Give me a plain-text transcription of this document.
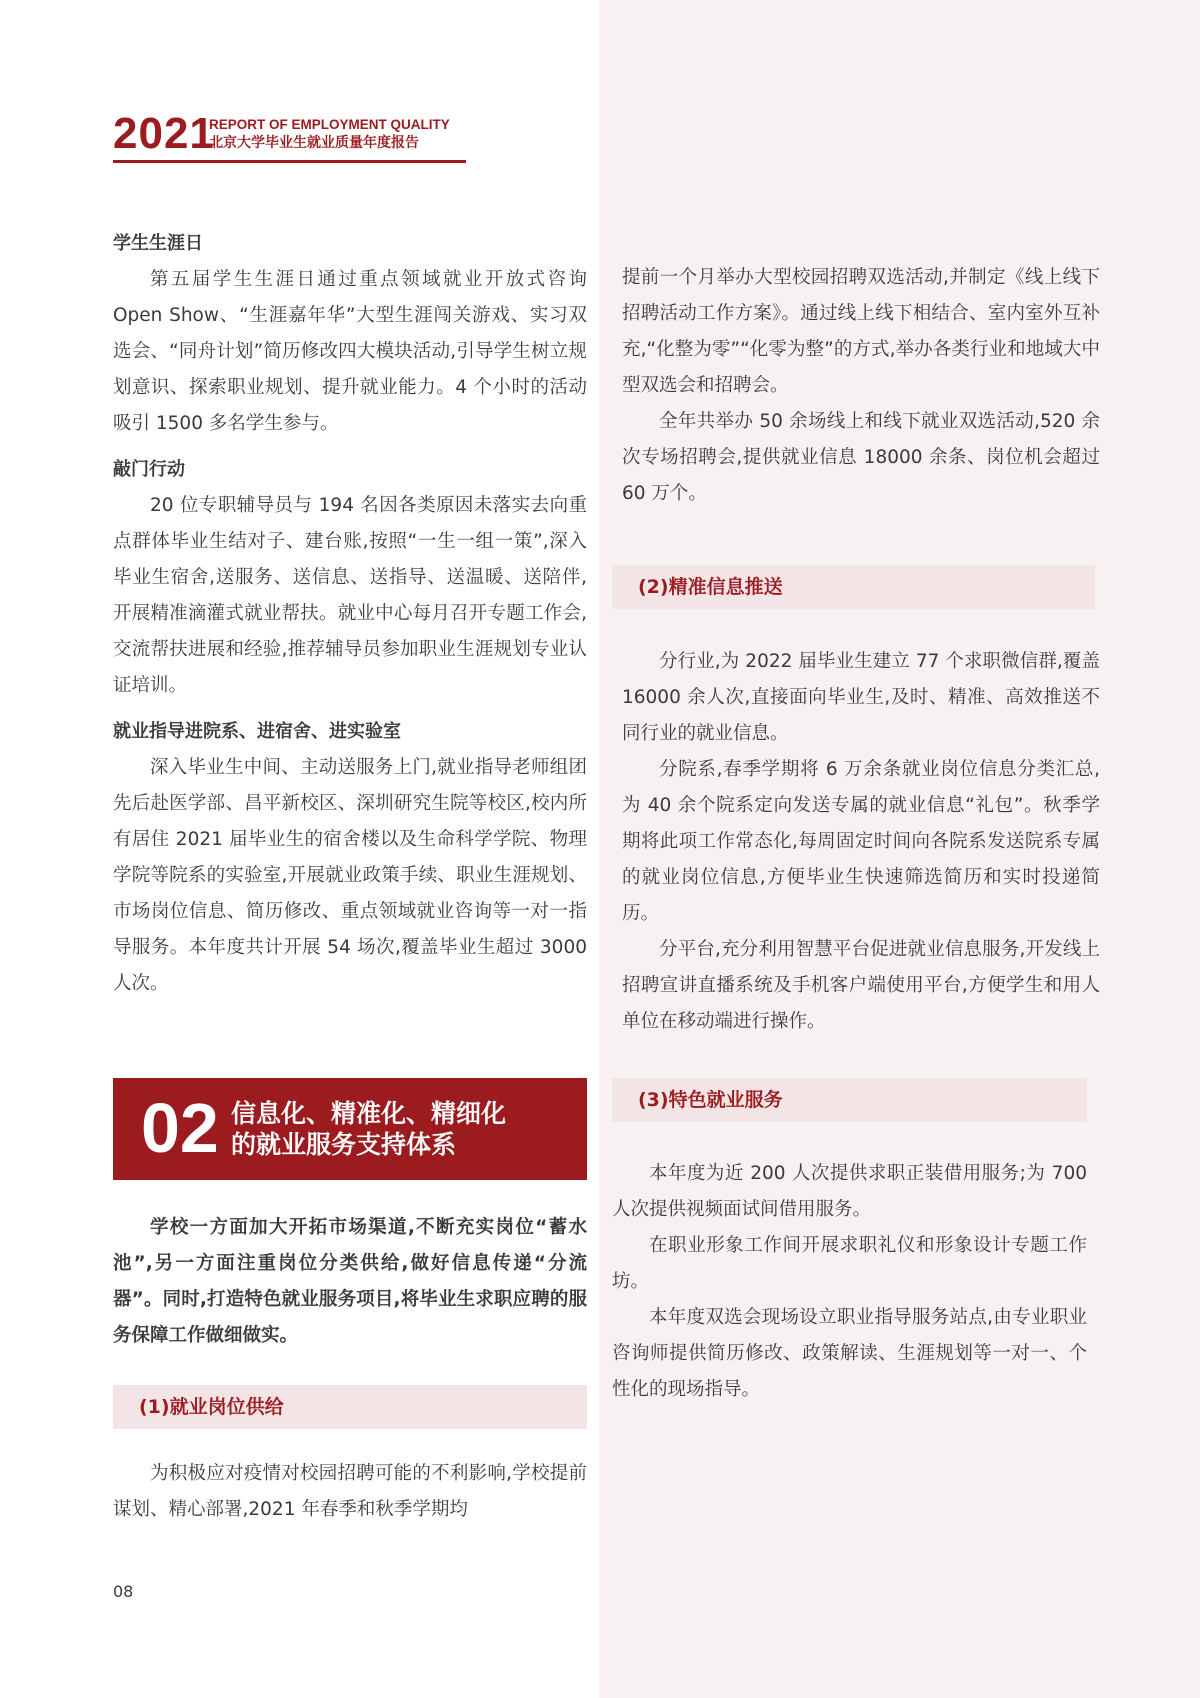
2021
REPORT OF EMPLOYMENT QUALITY
北京大学毕业生就业质量年度报告

学生生涯日

第五届学生生涯日通过重点领域就业开放式咨询 Open Show、“生涯嘉年华”大型生涯闯关游戏、实习双选会、“同舟计划”简历修改四大模块活动,引导学生树立规划意识、探索职业规划、提升就业能力。4 个小时的活动吸引 1500 多名学生参与。

敲门行动

20 位专职辅导员与 194 名因各类原因未落实去向重点群体毕业生结对子、建台账,按照“一生一组一策”,深入毕业生宿舍,送服务、送信息、送指导、送温暖、送陪伴,开展精准滴灌式就业帮扶。就业中心每月召开专题工作会,交流帮扶进展和经验,推荐辅导员参加职业生涯规划专业认证培训。

就业指导进院系、进宿舍、进实验室

深入毕业生中间、主动送服务上门,就业指导老师组团先后赴医学部、昌平新校区、深圳研究生院等校区,校内所有居住 2021 届毕业生的宿舍楼以及生命科学学院、物理学院等院系的实验室,开展就业政策手续、职业生涯规划、市场岗位信息、简历修改、重点领域就业咨询等一对一指导服务。本年度共计开展 54 场次,覆盖毕业生超过 3000 人次。

02 信息化、精准化、精细化
的就业服务支持体系

学校一方面加大开拓市场渠道,不断充实岗位“蓄水池”,另一方面注重岗位分类供给,做好信息传递“分流器”。同时,打造特色就业服务项目,将毕业生求职应聘的服务保障工作做细做实。

(1)就业岗位供给

为积极应对疫情对校园招聘可能的不利影响,学校提前谋划、精心部署,2021 年春季和秋季学期均

提前一个月举办大型校园招聘双选活动,并制定《线上线下招聘活动工作方案》。通过线上线下相结合、室内室外互补充,“化整为零”“化零为整”的方式,举办各类行业和地域大中型双选会和招聘会。

全年共举办 50 余场线上和线下就业双选活动,520 余次专场招聘会,提供就业信息 18000 余条、岗位机会超过 60 万个。

(2)精准信息推送

分行业,为 2022 届毕业生建立 77 个求职微信群,覆盖 16000 余人次,直接面向毕业生,及时、精准、高效推送不同行业的就业信息。

分院系,春季学期将 6 万余条就业岗位信息分类汇总,为 40 余个院系定向发送专属的就业信息“礼包”。秋季学期将此项工作常态化,每周固定时间向各院系发送院系专属的就业岗位信息,方便毕业生快速筛选简历和实时投递简历。

分平台,充分利用智慧平台促进就业信息服务,开发线上招聘宣讲直播系统及手机客户端使用平台,方便学生和用人单位在移动端进行操作。

(3)特色就业服务

本年度为近 200 人次提供求职正装借用服务;为 700 人次提供视频面试间借用服务。

在职业形象工作间开展求职礼仪和形象设计专题工作坊。

本年度双选会现场设立职业指导服务站点,由专业职业咨询师提供简历修改、政策解读、生涯规划等一对一、个性化的现场指导。

08
